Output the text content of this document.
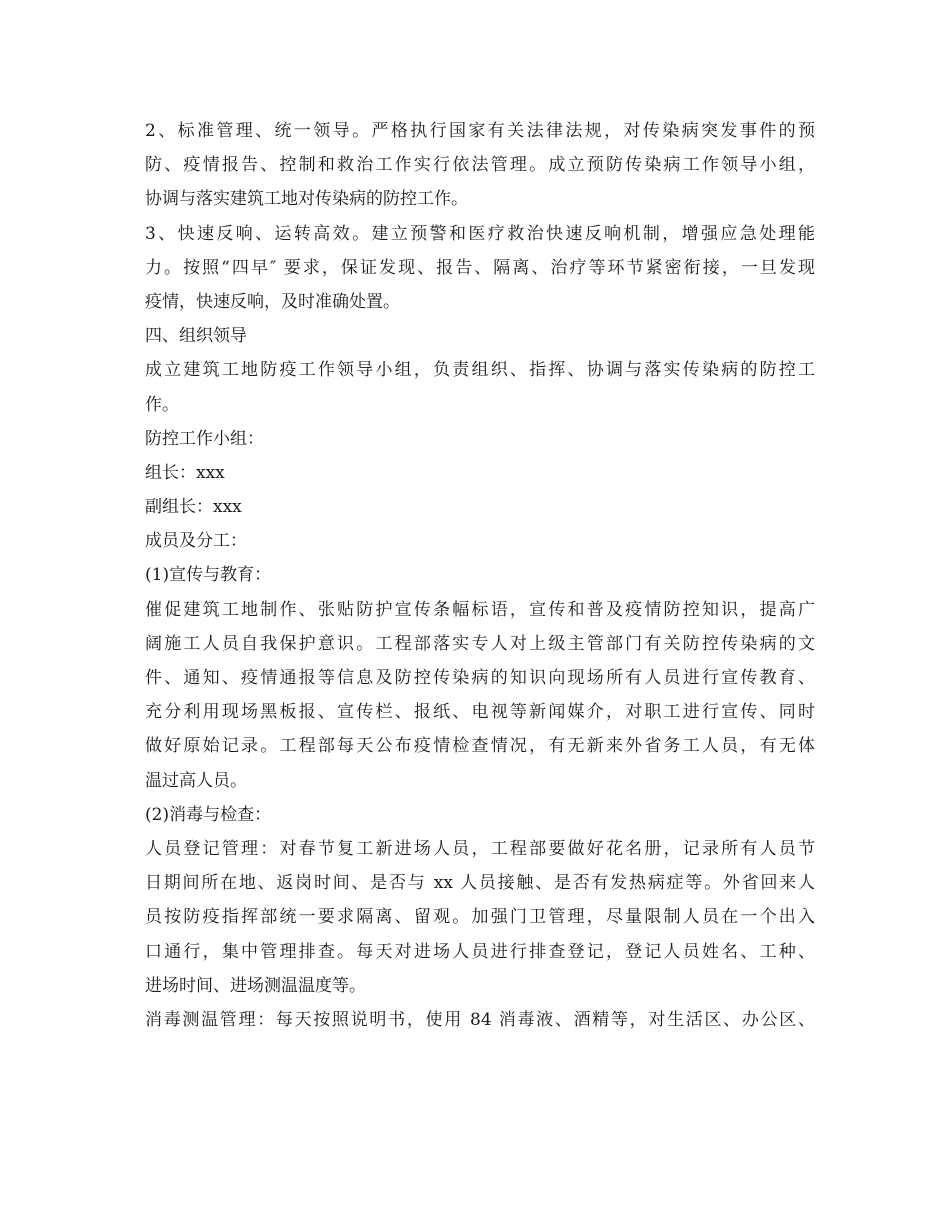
2、标准管理、统一领导。严格执行国家有关法律法规，对传染病突发事件的预
防、疫情报告、控制和救治工作实行依法管理。成立预防传染病工作领导小组，
协调与落实建筑工地对传染病的防控工作。
3、快速反响、运转高效。建立预警和医疗救治快速反响机制，增强应急处理能
力。按照“四早″ 要求，保证发现、报告、隔离、治疗等环节紧密衔接，一旦发现
疫情，快速反响，及时准确处置。
四、组织领导
成立建筑工地防疫工作领导小组，负责组织、指挥、协调与落实传染病的防控工
作。
防控工作小组：
组长：xxx
副组长：xxx
成员及分工：
(1)宣传与教育：
催促建筑工地制作、张贴防护宣传条幅标语，宣传和普及疫情防控知识，提高广
阔施工人员自我保护意识。工程部落实专人对上级主管部门有关防控传染病的文
件、通知、疫情通报等信息及防控传染病的知识向现场所有人员进行宣传教育、
充分利用现场黑板报、宣传栏、报纸、电视等新闻媒介，对职工进行宣传、同时
做好原始记录。工程部每天公布疫情检查情况，有无新来外省务工人员，有无体
温过高人员。
(2)消毒与检查：
人员登记管理：对春节复工新进场人员，工程部要做好花名册，记录所有人员节
日期间所在地、返岗时间、是否与 xx 人员接触、是否有发热病症等。外省回来人
员按防疫指挥部统一要求隔离、留观。加强门卫管理，尽量限制人员在一个出入
口通行，集中管理排查。每天对进场人员进行排查登记，登记人员姓名、工种、
进场时间、进场测温温度等。
消毒测温管理：每天按照说明书，使用 84 消毒液、酒精等，对生活区、办公区、
